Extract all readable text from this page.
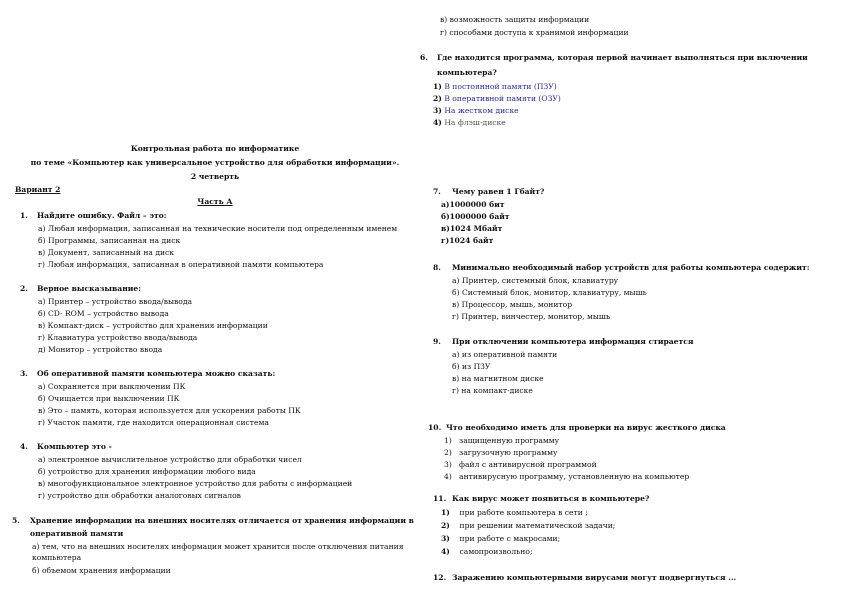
в) возможность защиты информации
г) способами доступа к хранимой информации
6. Где находится программа, которая первой начинает выполняться при включении
компьютера?
1) В постоянной памяти (ПЗУ)
2) В оперативной памяти (ОЗУ)
3) На жестком диске
4) На флэш-диске
Контрольная работа по информатике
по теме «Компьютер как универсальное устройство для обработки информации».
2 четверть
Вариант 2
Часть А
1. Найдите ошибку. Файл – это:
а) Любая информация, записанная на технические носители под определенным именем
б) Программы, записанная на диск
в) Документ, записанный на диск
г) Любая информация, записанная в оперативной памяти компьютера
2. Верное высказывание:
а) Принтер – устройство ввода/вывода
б) CD- ROM – устройство вывода
в) Компакт-диск – устройство для хранения информации
г) Клавиатура устройство ввода/вывода
д) Монитор – устройство ввода
3. Об оперативной памяти компьютера можно сказать:
а) Сохраняется при выключении ПК
б) Очищается при выключении ПК
в) Это – память, которая используется для ускорения работы ПК
г) Участок памяти, где находится операционная система
4. Компьютер это -
а) электронное вычислительное устройство для обработки чисел
б) устройство для хранения информации любого вида
в) многофункциональное электронное устройство для работы с информацией
г) устройство для обработки аналоговых сигналов
5. Хранение информации на внешних носителях отличается от хранения информации в
оперативной памяти
а) тем, что на внешних носителях информация может хранится после отключения питания
компьютера
б) объемом хранения информации
7. Чему равен 1 Гбайт?
а)1000000 бит
б)1000000 байт
в)1024 Мбайт
г)1024 байт
8. Минимально необходимый набор устройств для работы компьютера содержит:
а) Принтер, системный блок, клавиатуру
б) Системный блок, монитор, клавиатуру, мышь
в) Процессор, мышь, монитор
г) Принтер, винчестер, монитор, мышь
9. При отключении компьютера информация стирается
а) из оперативной памяти
б) из ПЗУ
в) на магнитном диске
г) на компакт-диске
10. Что необходимо иметь для проверки на вирус жесткого диска
1) защищенную программу
2) загрузочную программу
3) файл с антивирусной программой
4) антивирусную программу, установленную на компьютер
11. Как вирус может появиться в компьютере?
1) при работе компьютера в сети ;
2) при решении математической задачи;
3) при работе с макросами;
4) самопроизвольно;
12. Заражению компьютерными вирусами могут подвергнуться ...
